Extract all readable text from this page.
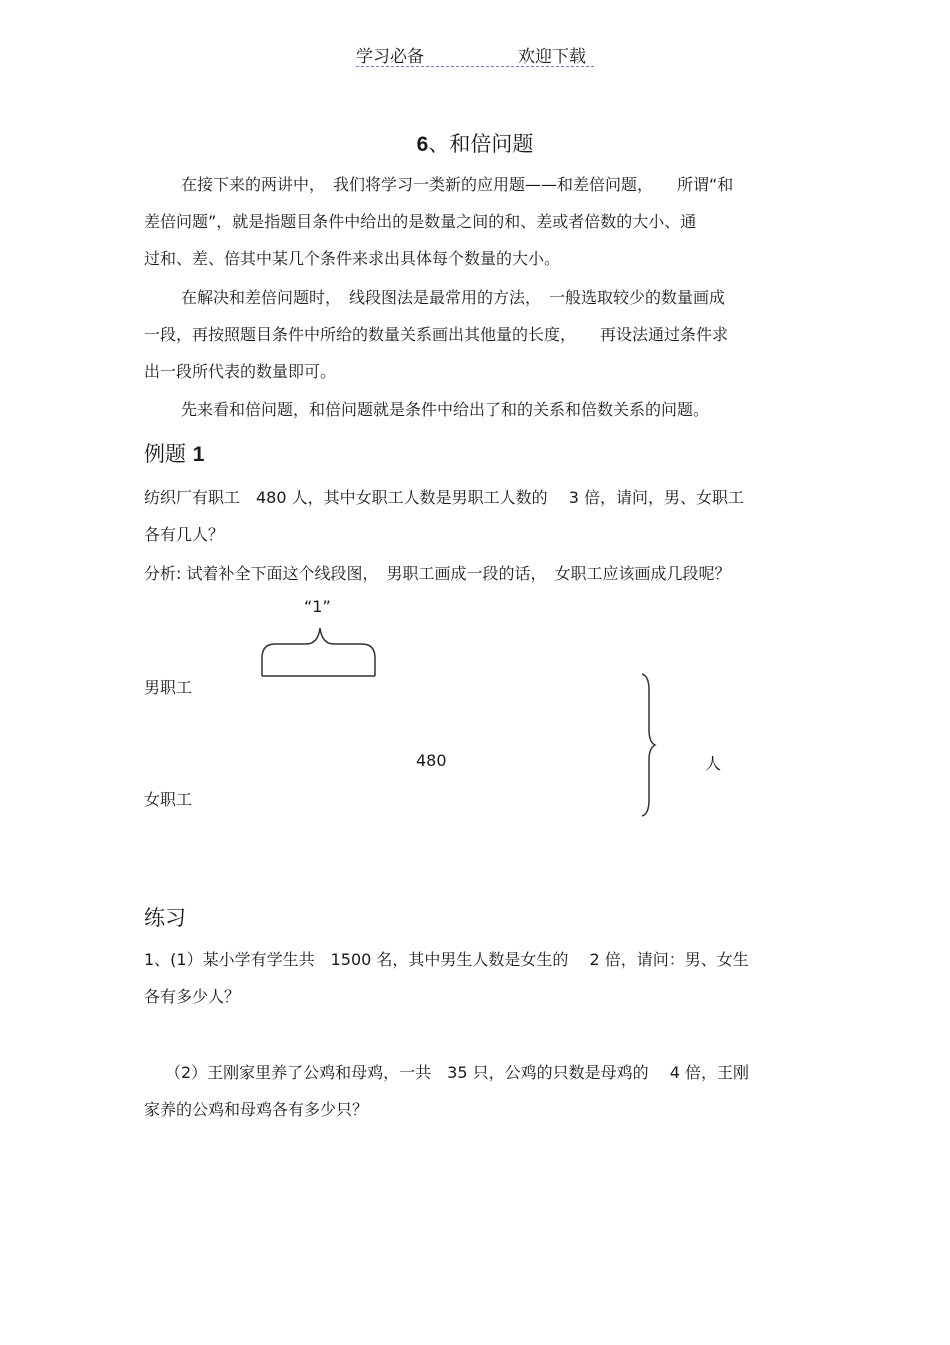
学习必备	欢迎下载
6、和倍问题
在接下来的两讲中，　我们将学习一类新的应用题——和差倍问题，　　所谓“和
差倍问题”，就是指题目条件中给出的是数量之间的和、差或者倍数的大小、通
过和、差、倍其中某几个条件来求出具体每个数量的大小。
在解决和差倍问题时，　线段图法是最常用的方法，　一般选取较少的数量画成
一段，再按照题目条件中所给的数量关系画出其他量的长度，　　再设法通过条件求
出一段所代表的数量即可。
先来看和倍问题，和倍问题就是条件中给出了和的关系和倍数关系的问题。
例题 1
纺织厂有职工　480 人，其中女职工人数是男职工人数的　 3 倍，请问，男、女职工
各有几人？
分析: 试着补全下面这个线段图，　男职工画成一段的话，　女职工应该画成几段呢？
“1”
男职工
女职工
480	人
练习
1、(1）某小学有学生共　1500 名，其中男生人数是女生的　 2 倍，请问：男、女生
各有多少人？
（2）王刚家里养了公鸡和母鸡，一共　35 只，公鸡的只数是母鸡的　 4 倍，王刚
家养的公鸡和母鸡各有多少只？
